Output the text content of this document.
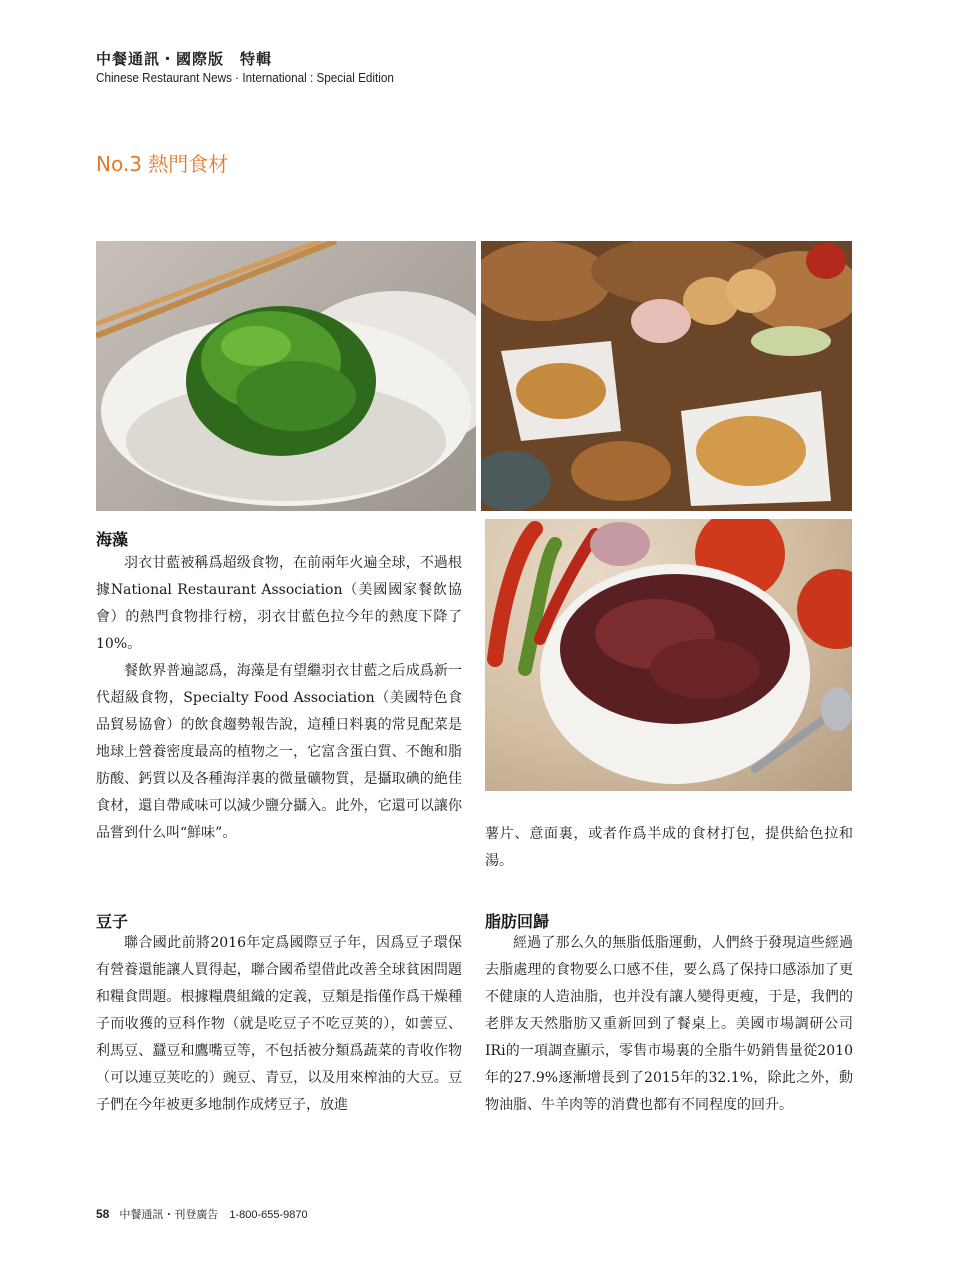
中餐通訊・國際版　特輯
Chinese Restaurant News · International : Special Edition
No.3 熱門食材
海藻

羽衣甘藍被稱爲超级食物，在前兩年火遍全球，不過根據National Restaurant Association（美國國家餐飲協會）的熱門食物排行榜，羽衣甘藍色拉今年的熱度下降了10%。

餐飲界普遍認爲，海藻是有望繼羽衣甘藍之后成爲新一代超級食物，Specialty Food Association（美國特色食品貿易協會）的飲食趨勢報告說，這種日料裏的常見配菜是地球上營養密度最高的植物之一，它富含蛋白質、不飽和脂肪酸、鈣質以及各種海洋裏的微量礦物質，是攝取碘的絶佳食材，還自帶咸味可以減少鹽分攝入。此外，它還可以讓你品嘗到什么叫“鮮味”。	薯片、意面裏，或者作爲半成的食材打包，提供給色拉和湯。

豆子

聯合國此前將2016年定爲國際豆子年，因爲豆子環保有營養還能讓人買得起，聯合國希望借此改善全球貧困問題和糧食問題。根據糧農組織的定義，豆類是指僅作爲干燥種子而收獲的豆科作物（就是吃豆子不吃豆荚的），如蕓豆、利馬豆、蠶豆和鷹嘴豆等，不包括被分類爲蔬菜的青收作物（可以連豆荚吃的）豌豆、青豆，以及用來榨油的大豆。豆子們在今年被更多地制作成烤豆子，放進

脂肪回歸

經過了那么久的無脂低脂運動，人們終于發現這些經過去脂處理的食物要么口感不佳，要么爲了保持口感添加了更不健康的人造油脂，也并没有讓人變得更瘦，于是，我們的老胖友天然脂肪又重新回到了餐桌上。美國市場調研公司IRi的一項調查顯示，零售市場裏的全脂牛奶銷售量從2010年的27.9%逐漸增長到了2015年的32.1%，除此之外，動物油脂、牛羊肉等的消費也都有不同程度的回升。

58 中餐通訊・刊登廣告　1-800-655-9870
